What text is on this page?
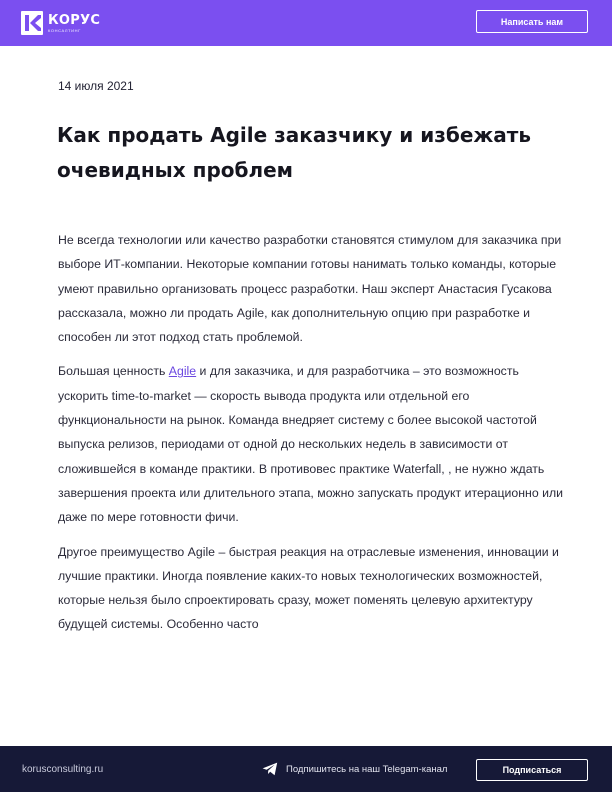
КОРУС
КОНСАЛТИНГ
Написать нам
14 июля 2021
Как продать Agile заказчику и избежать очевидных проблем

Не всегда технологии или качество разработки становятся стимулом для заказчика при выборе ИТ-компании. Некоторые компании готовы нанимать только команды, которые умеют правильно организовать процесс разработки. Наш эксперт Анастасия Гусакова рассказала, можно ли продать Agile, как дополнительную опцию при разработке и способен ли этот подход стать проблемой.

Большая ценность Agile и для заказчика, и для разработчика – это возможность ускорить time-to-market — скорость вывода продукта или отдельной его функциональности на рынок. Команда внедряет систему с более высокой частотой выпуска релизов, периодами от одной до нескольких недель в зависимости от сложившейся в команде практики. В противовес практике Waterfall, , не нужно ждать завершения проекта или длительного этапа, можно запускать продукт итерационно или даже по мере готовности фичи.

Другое преимущество Agile – быстрая реакция на отраслевые изменения, инновации и лучшие практики. Иногда появление каких-то новых технологических возможностей, которые нельзя было спроектировать сразу, может поменять целевую архитектуру будущей системы. Особенно часто

korusconsulting.ru	Подпишитесь на наш Telegam-канал	Подписаться
